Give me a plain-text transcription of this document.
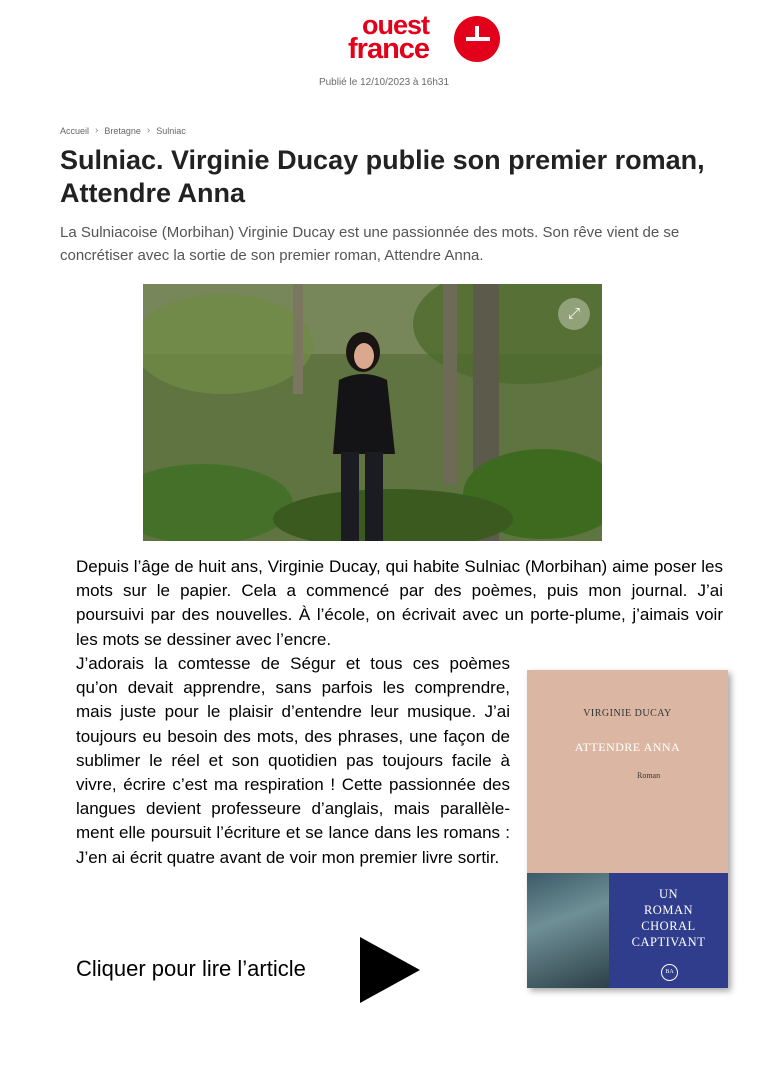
ouest
france
Publié le 12/10/2023 à 16h31
Accueil › Bretagne › Sulniac
Sulniac. Virginie Ducay publie son premier roman, Attendre Anna

La Sulniacoise (Morbihan) Virginie Ducay est une passionnée des mots. Son rêve vient de se concrétiser avec la sortie de son premier roman, Attendre Anna.

⤢

Depuis l’âge de huit ans, Virginie Ducay, qui habite Sulniac (Morbihan) aime poser les mots sur le papier. Cela a commencé par des poèmes, puis mon journal. J’ai poursuivi par des nouvelles. À l’école, on écrivait avec un porte-plume, j’aimais voir les mots se dessiner avec l’encre.

J’adorais la comtesse de Ségur et tous ces poèmes qu’on devait apprendre, sans parfois les comprendre, mais juste pour le plaisir d’entendre leur musique. J’ai toujours eu besoin des mots, des phrases, une façon de sublimer le réel et son quotidien pas toujours facile à vivre, écrire c’est ma respiration ! Cette passionnée des langues devient professeure d’anglais, mais parallèle-ment elle poursuit l’écriture et se lance dans les romans : J’en ai écrit quatre avant de voir mon premier livre sortir.

Cliquer pour lire l’article
VIRGINIE DUCAY
ATTENDRE ANNA
Roman
UN
ROMAN
CHORAL
CAPTIVANT
BA
